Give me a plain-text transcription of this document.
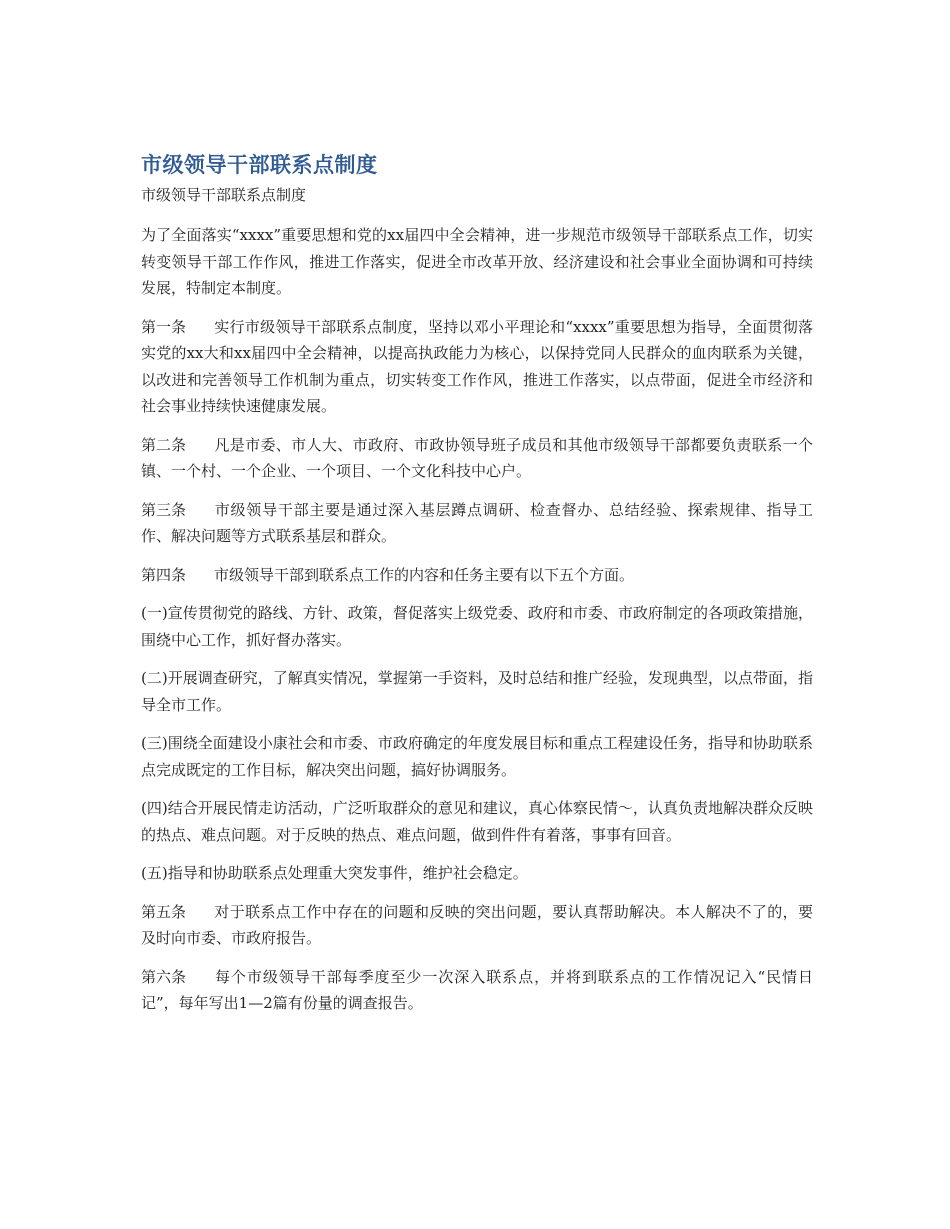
市级领导干部联系点制度
市级领导干部联系点制度

为了全面落实“xxxx”重要思想和党的xx届四中全会精神，进一步规范市级领导干部联系点工作，切实转变领导干部工作作风，推进工作落实，促进全市改革开放、经济建设和社会事业全面协调和可持续发展，特制定本制度。

第一条 实行市级领导干部联系点制度，坚持以邓小平理论和“xxxx”重要思想为指导，全面贯彻落实党的xx大和xx届四中全会精神，以提高执政能力为核心，以保持党同人民群众的血肉联系为关键，以改进和完善领导工作机制为重点，切实转变工作作风，推进工作落实，以点带面，促进全市经济和社会事业持续快速健康发展。

第二条 凡是市委、市人大、市政府、市政协领导班子成员和其他市级领导干部都要负责联系一个镇、一个村、一个企业、一个项目、一个文化科技中心户。

第三条 市级领导干部主要是通过深入基层蹲点调研、检查督办、总结经验、探索规律、指导工作、解决问题等方式联系基层和群众。

第四条 市级领导干部到联系点工作的内容和任务主要有以下五个方面。

(一)宣传贯彻党的路线、方针、政策，督促落实上级党委、政府和市委、市政府制定的各项政策措施，围绕中心工作，抓好督办落实。

(二)开展调查研究，了解真实情况，掌握第一手资料，及时总结和推广经验，发现典型，以点带面，指导全市工作。

(三)围绕全面建设小康社会和市委、市政府确定的年度发展目标和重点工程建设任务，指导和协助联系点完成既定的工作目标，解决突出问题，搞好协调服务。

(四)结合开展民情走访活动，广泛听取群众的意见和建议，真心体察民情～，认真负责地解决群众反映的热点、难点问题。对于反映的热点、难点问题，做到件件有着落，事事有回音。

(五)指导和协助联系点处理重大突发事件，维护社会稳定。

第五条 对于联系点工作中存在的问题和反映的突出问题，要认真帮助解决。本人解决不了的，要及时向市委、市政府报告。

第六条 每个市级领导干部每季度至少一次深入联系点，并将到联系点的工作情况记入“民情日记”，每年写出1—2篇有份量的调查报告。
